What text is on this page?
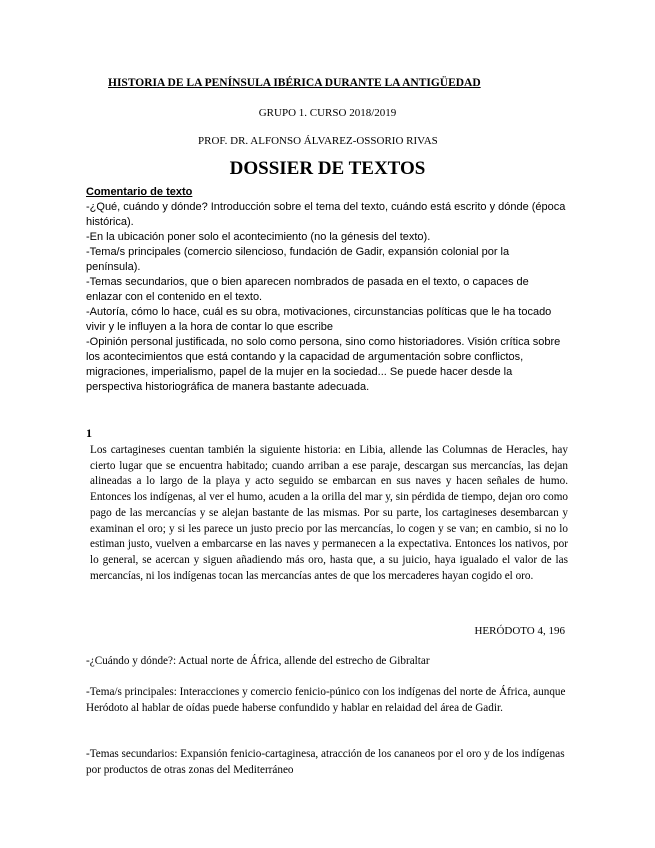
HISTORIA DE LA PENÍNSULA IBÉRICA DURANTE LA ANTIGÜEDAD
GRUPO 1. CURSO 2018/2019
PROF. DR. ALFONSO ÁLVAREZ-OSSORIO RIVAS
DOSSIER DE TEXTOS
Comentario de texto
-¿Qué, cuándo y dónde? Introducción sobre el tema del texto, cuándo está escrito y dónde (época histórica).
-En la ubicación poner solo el acontecimiento (no la génesis del texto).
-Tema/s principales (comercio silencioso, fundación de Gadir, expansión colonial por la península).
-Temas secundarios, que o bien aparecen nombrados de pasada en el texto, o capaces de enlazar con el contenido en el texto.
-Autoría, cómo lo hace, cuál es su obra, motivaciones, circunstancias políticas que le ha tocado vivir y le influyen a la hora de contar lo que escribe
-Opinión personal justificada, no solo como persona, sino como historiadores. Visión crítica sobre los acontecimientos que está contando y la capacidad de argumentación sobre conflictos, migraciones, imperialismo, papel de la mujer en la sociedad... Se puede hacer desde la perspectiva historiográfica de manera bastante adecuada.
1
Los cartagineses cuentan también la siguiente historia: en Libia, allende las Columnas de Heracles, hay cierto lugar que se encuentra habitado; cuando arriban a ese paraje, descargan sus mercancías, las dejan alineadas a lo largo de la playa y acto seguido se embarcan en sus naves y hacen señales de humo. Entonces los indígenas, al ver el humo, acuden a la orilla del mar y, sin pérdida de tiempo, dejan oro como pago de las mercancías y se alejan bastante de las mismas. Por su parte, los cartagineses desembarcan y examinan el oro; y si les parece un justo precio por las mercancías, lo cogen y se van; en cambio, si no lo estiman justo, vuelven a embarcarse en las naves y permanecen a la expectativa. Entonces los nativos, por lo general, se acercan y siguen añadiendo más oro, hasta que, a su juicio, haya igualado el valor de las mercancías, ni los indígenas tocan las mercancías antes de que los mercaderes hayan cogido el oro.
HERÓDOTO 4, 196
-¿Cuándo y dónde?: Actual norte de África, allende del estrecho de Gibraltar
-Tema/s principales: Interacciones y comercio fenicio-púnico con los indígenas del norte de África, aunque Heródoto al hablar de oídas puede haberse confundido y hablar en relaidad del área de Gadir.
-Temas secundarios: Expansión fenicio-cartaginesa, atracción de los cananeos por el oro y de los indígenas por productos de otras zonas del Mediterráneo
